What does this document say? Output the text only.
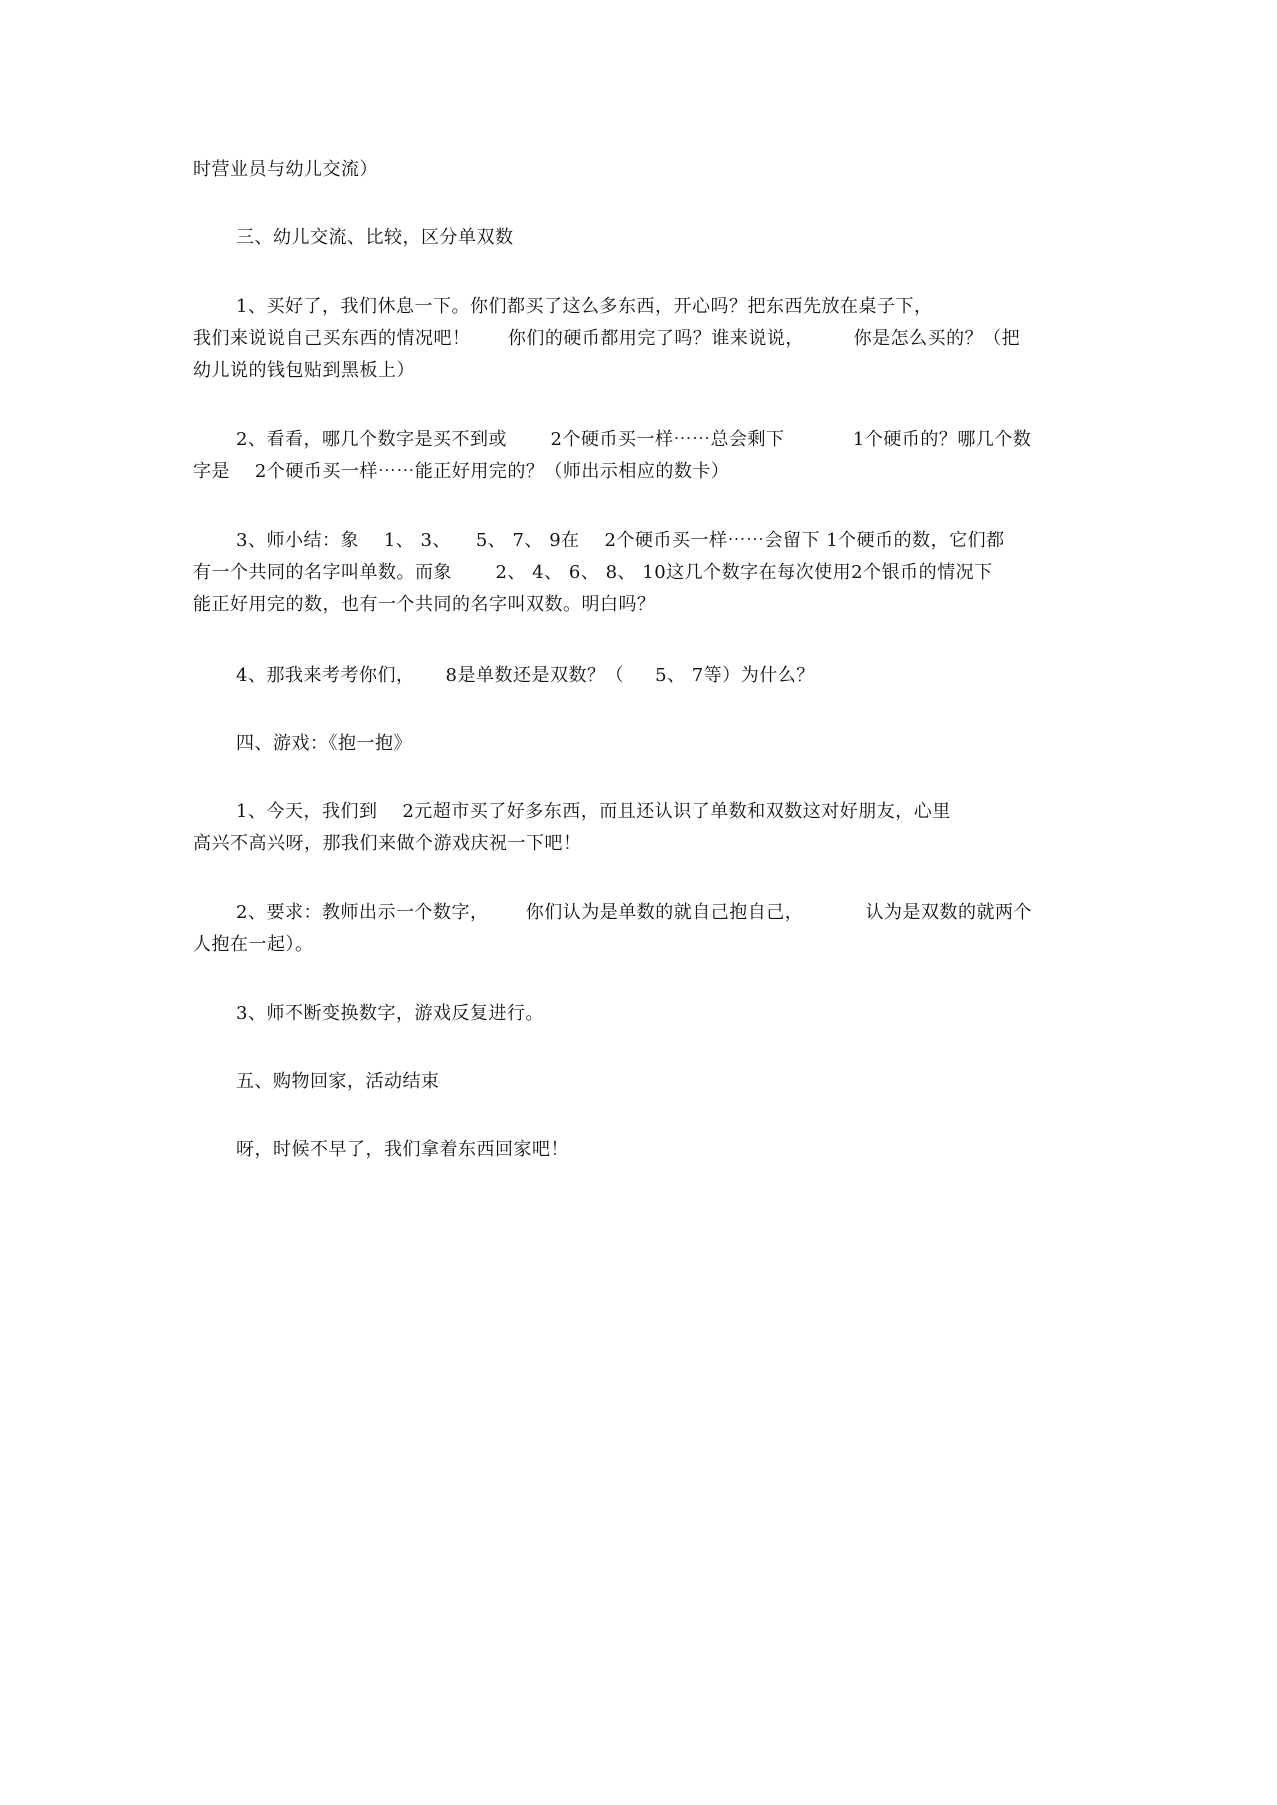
时营业员与幼儿交流）
三、幼儿交流、比较，区分单双数
1、买好了，我们休息一下。你们都买了这么多东西，开心吗？把东西先放在桌子下，
我们来说说自己买东西的情况吧！      你们的硬币都用完了吗？谁来说说，        你是怎么买的？（把
幼儿说的钱包贴到黑板上）
2、看看，哪几个数字是买不到或       2个硬币买一样⋯⋯总会剩下           1个硬币的？哪几个数
字是    2个硬币买一样⋯⋯能正好用完的？（师出示相应的数卡）
3、师小结：象    1、 3、    5、 7、 9在    2个硬币买一样⋯⋯会留下 1个硬币的数，它们都
有一个共同的名字叫单数。而象       2、 4、 6、 8、 10这几个数字在每次使用2个银币的情况下
能正好用完的数，也有一个共同的名字叫双数。明白吗？
4、那我来考考你们，     8是单数还是双数？（     5、 7等）为什么？
四、游戏：《抱一抱》
1、今天，我们到    2元超市买了好多东西，而且还认识了单数和双数这对好朋友，心里
高兴不高兴呀，那我们来做个游戏庆祝一下吧！
2、要求：教师出示一个数字，      你们认为是单数的就自己抱自己，          认为是双数的就两个
人抱在一起）。
3、师不断变换数字，游戏反复进行。
五、购物回家，活动结束
呀，时候不早了，我们拿着东西回家吧！
